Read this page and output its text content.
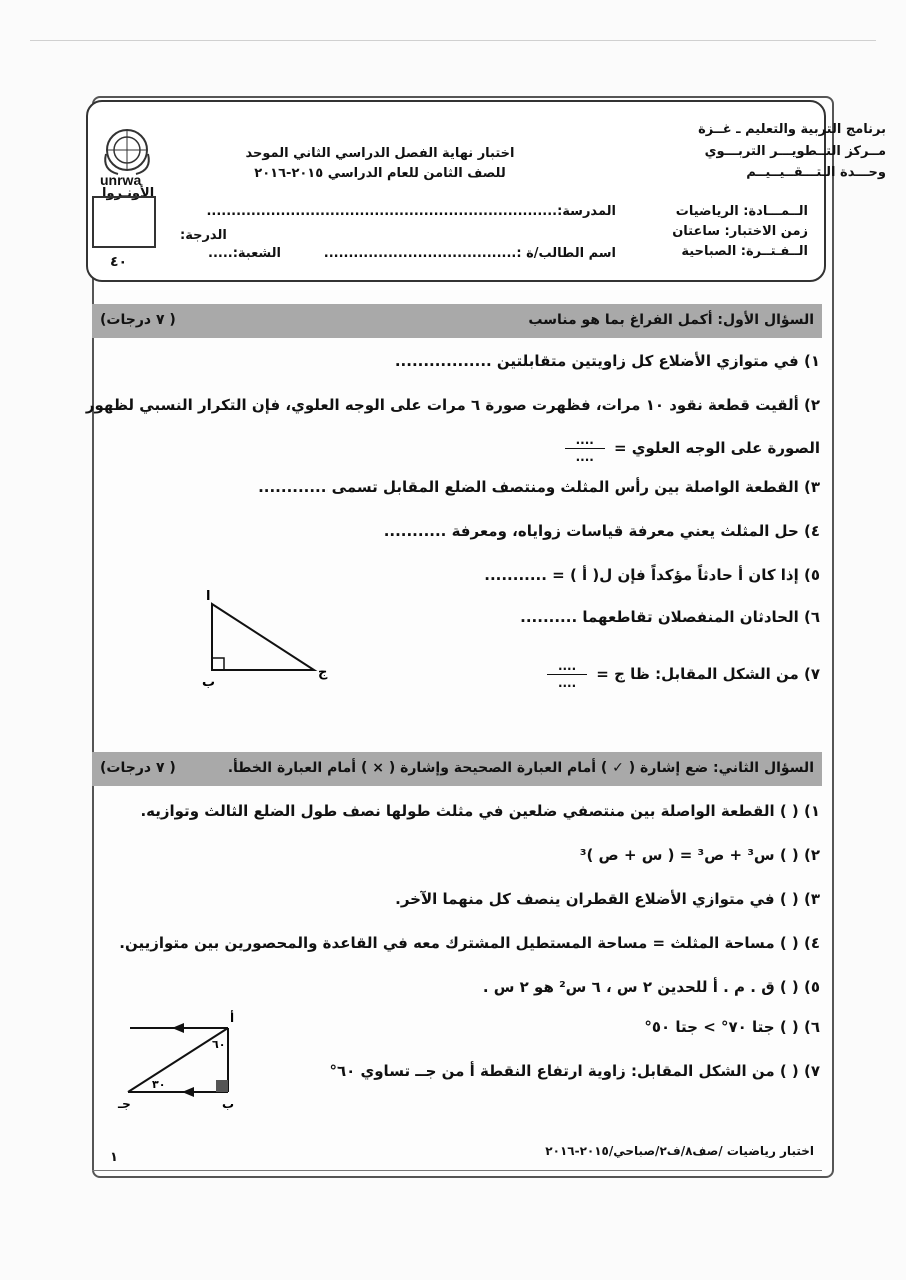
برنامج التربية والتعليم ـ غــزة
مــركز التــطويـــر التربـــوي
وحـــدة الـتـــقــيــيــم
اختبار نهاية الفصل الدراسي الثاني الموحد
للصف الثامن للعام الدراسي ٢٠١٥-٢٠١٦
unrwa
الأونـروا
الــمـــادة: الرياضيات
زمن الاختبار: ساعتان
الــفـتــرة: الصباحية
المدرسة:.......................................................................
اسم الطالب/ة :.......................................
الشعبة:.....
الدرجة:
٤٠
السؤال الأول: أكمل الفراغ بما هو مناسب
( ٧ درجات)
١) في متوازي الأضلاع كل زاويتين متقابلتين .................
٢) ألقيت قطعة نقود ١٠ مرات، فظهرت صورة ٦ مرات على الوجه العلوي، فإن التكرار النسبي لظهور
الصورة على الوجه العلوي = $\frac{....}{....}$
٣) القطعة الواصلة بين رأس المثلث ومنتصف الضلع المقابل تسمى ............
٤) حل المثلث يعني معرفة قياسات زواياه، ومعرفة ...........
٥) إذا كان أ حادثاً مؤكداً فإن ل( أ ) = ...........
٦) الحادثان المنفصلان تقاطعهما ..........
٧) من الشكل المقابل: ظا ج = $\frac{....}{....}$
أ
ب
ج
السؤال الثاني: ضع إشارة ( ✓ ) أمام العبارة الصحيحة وإشارة ( × ) أمام العبارة الخطأ.
( ٧ درجات)
١) ( ) القطعة الواصلة بين منتصفي ضلعين في مثلث طولها نصف طول الضلع الثالث وتوازيه.
٢) ( ) س³ + ص³ = ( س + ص )³
٣) ( ) في متوازي الأضلاع القطران ينصف كل منهما الآخر.
٤) ( ) مساحة المثلث = مساحة المستطيل المشترك معه في القاعدة والمحصورين بين متوازيين.
٥) ( ) ق . م . أ للحدين ٢ س ، ٦ س² هو ٢ س .
٦) ( ) جتا ٧٠° > جتا ٥٠°
٧) ( ) من الشكل المقابل: زاوية ارتفاع النقطة أ من جــ تساوي ٦٠°
أ
ب
جـ
٦٠
٣٠
اختبار رياضيات /صف٨/ف٢/صباحي/٢٠١٥-٢٠١٦
١
